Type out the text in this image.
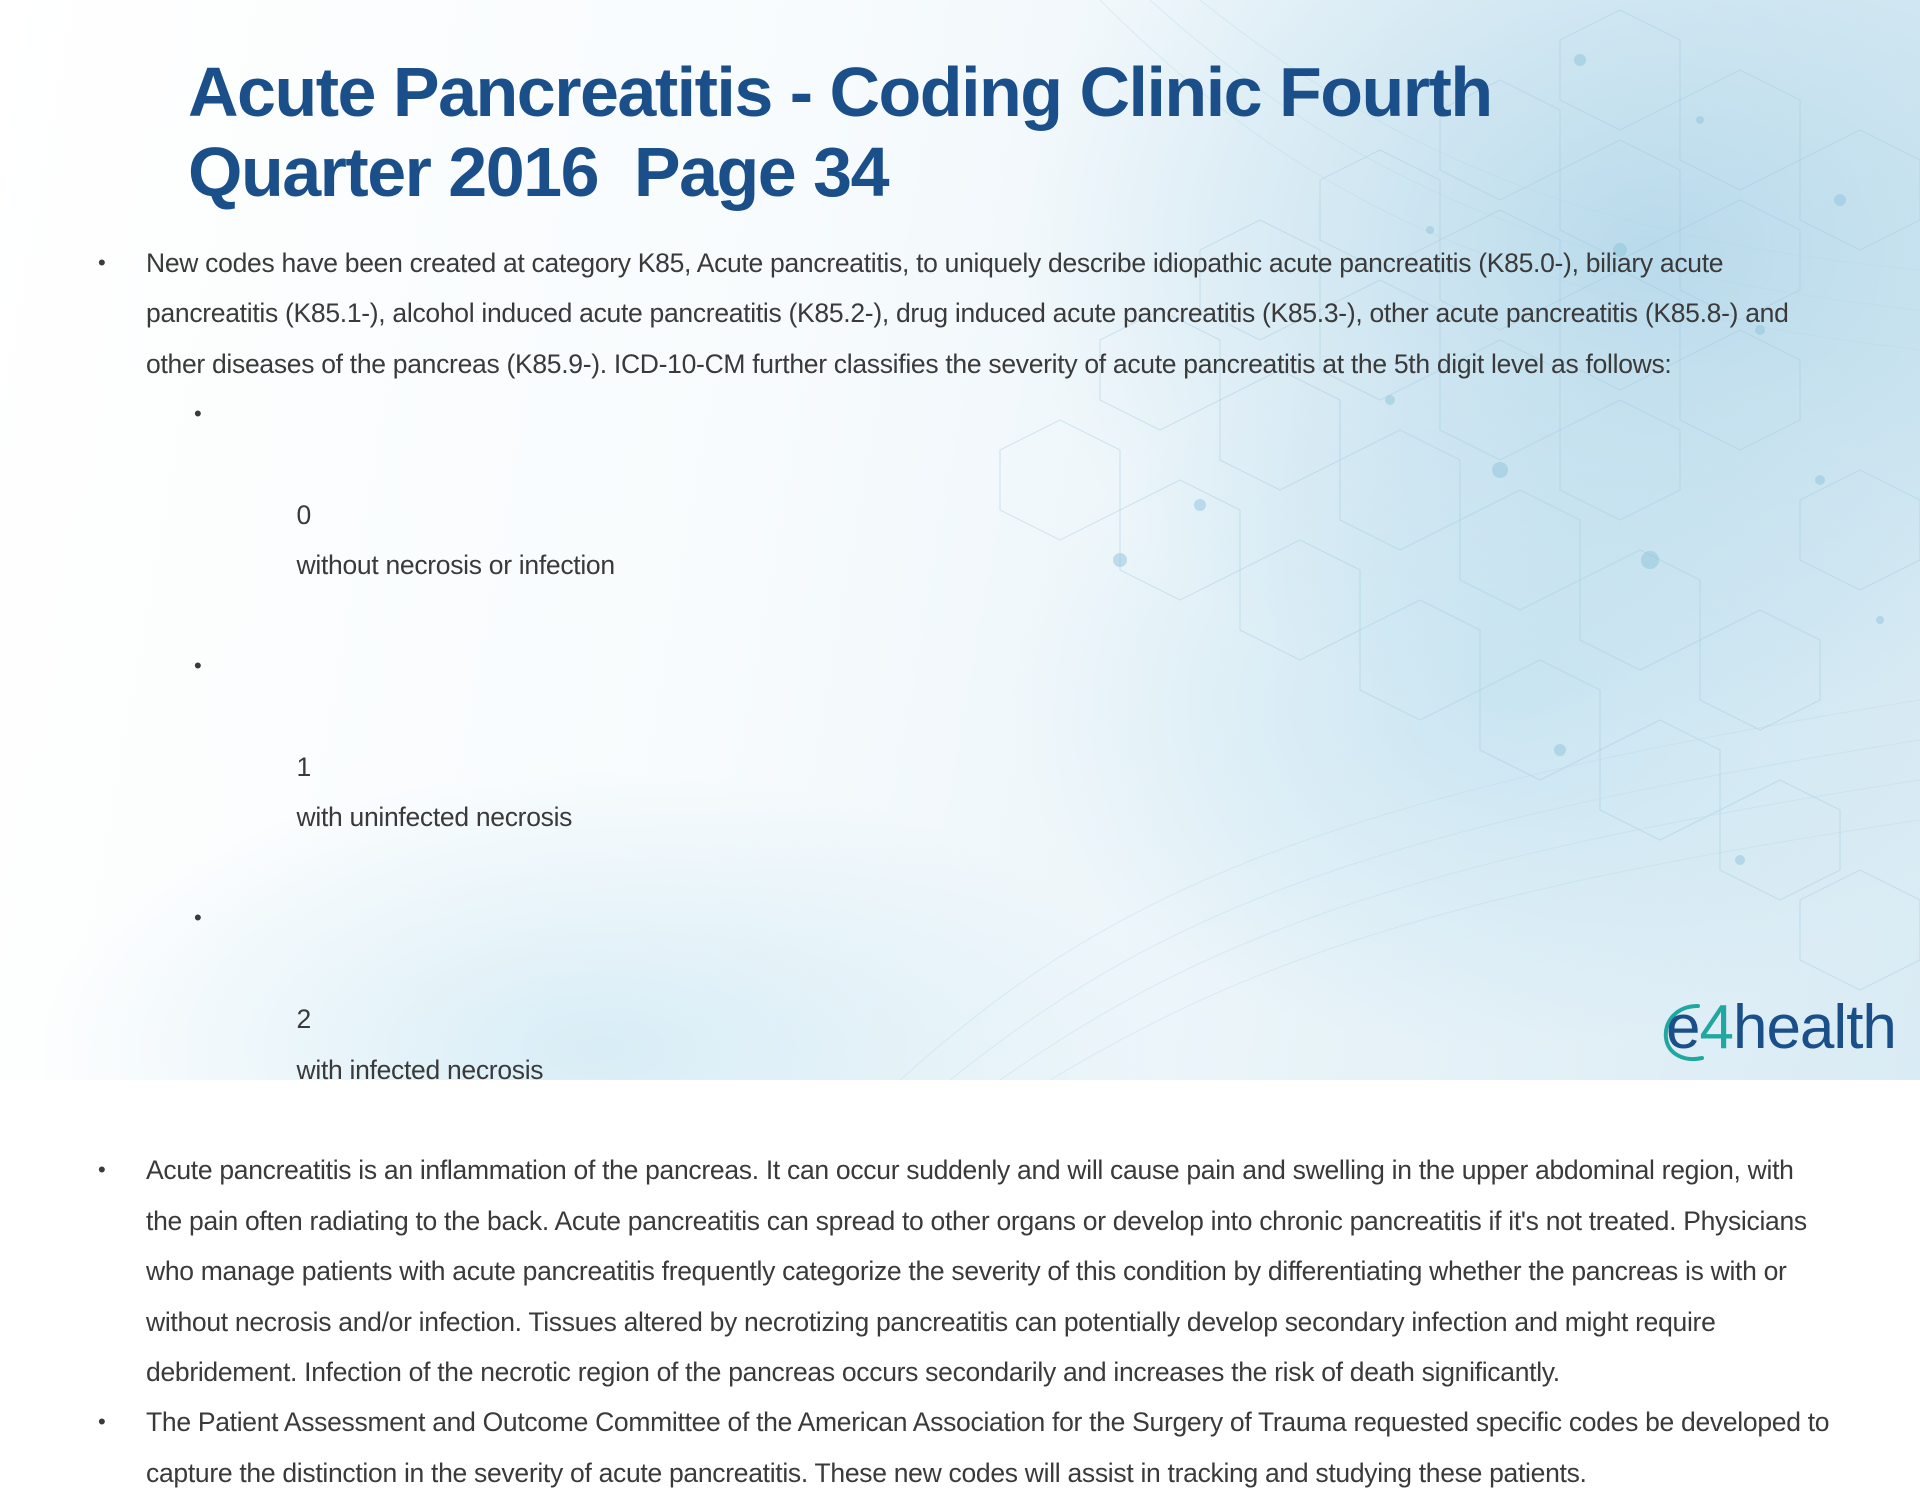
Acute Pancreatitis - Coding Clinic Fourth
Quarter 2016  Page 34
• New codes have been created at category K85, Acute pancreatitis, to uniquely describe idiopathic acute pancreatitis (K85.0-), biliary acute pancreatitis (K85.1-), alcohol induced acute pancreatitis (K85.2-), drug induced acute pancreatitis (K85.3-), other acute pancreatitis (K85.8-) and other diseases of the pancreas (K85.9-). ICD-10-CM further classifies the severity of acute pancreatitis at the 5th digit level as follows:

•

0
without necrosis or infection

•

1
with uninfected necrosis

•

2
with infected necrosis

• Acute pancreatitis is an inflammation of the pancreas. It can occur suddenly and will cause pain and swelling in the upper abdominal region, with the pain often radiating to the back. Acute pancreatitis can spread to other organs or develop into chronic pancreatitis if it's not treated. Physicians who manage patients with acute pancreatitis frequently categorize the severity of this condition by differentiating whether the pancreas is with or without necrosis and/or infection. Tissues altered by necrotizing pancreatitis can potentially develop secondary infection and might require debridement. Infection of the necrotic region of the pancreas occurs secondarily and increases the risk of death significantly.
• The Patient Assessment and Outcome Committee of the American Association for the Surgery of Trauma requested specific codes be developed to capture the distinction in the severity of acute pancreatitis. These new codes will assist in tracking and studying these patients.
e4health
